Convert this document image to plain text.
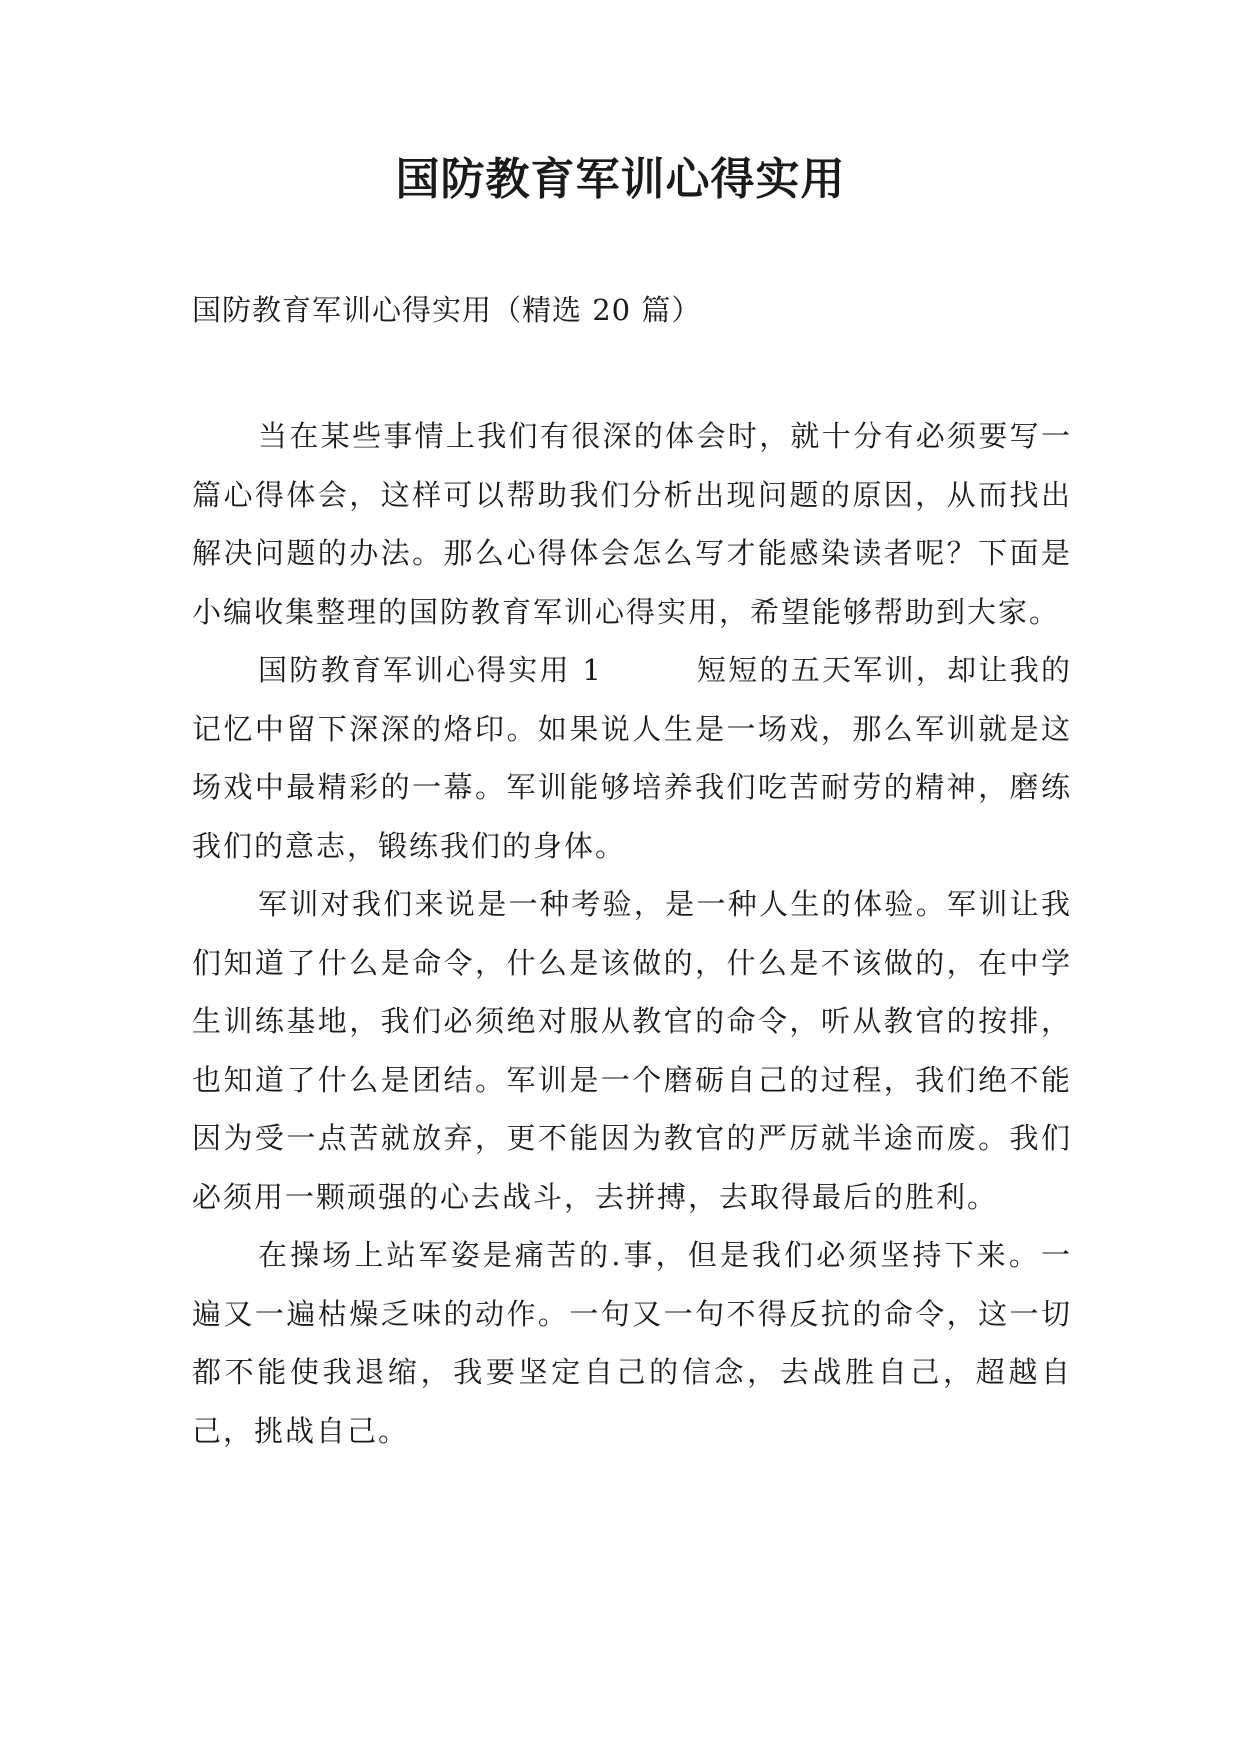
国防教育军训心得实用

国防教育军训心得实用（精选 20 篇）

当在某些事情上我们有很深的体会时，就十分有必须要写一篇心得体会，这样可以帮助我们分析出现问题的原因，从而找出解决问题的办法。那么心得体会怎么写才能感染读者呢？下面是小编收集整理的国防教育军训心得实用，希望能够帮助到大家。

国防教育军训心得实用 1　　　短短的五天军训，却让我的记忆中留下深深的烙印。如果说人生是一场戏，那么军训就是这场戏中最精彩的一幕。军训能够培养我们吃苦耐劳的精神，磨练我们的意志，锻练我们的身体。

军训对我们来说是一种考验，是一种人生的体验。军训让我们知道了什么是命令，什么是该做的，什么是不该做的，在中学生训练基地，我们必须绝对服从教官的命令，听从教官的按排，也知道了什么是团结。军训是一个磨砺自己的过程，我们绝不能因为受一点苦就放弃，更不能因为教官的严厉就半途而废。我们必须用一颗顽强的心去战斗，去拼搏，去取得最后的胜利。

在操场上站军姿是痛苦的.事，但是我们必须坚持下来。一遍又一遍枯燥乏味的动作。一句又一句不得反抗的命令，这一切都不能使我退缩，我要坚定自己的信念，去战胜自己，超越自己，挑战自己。
